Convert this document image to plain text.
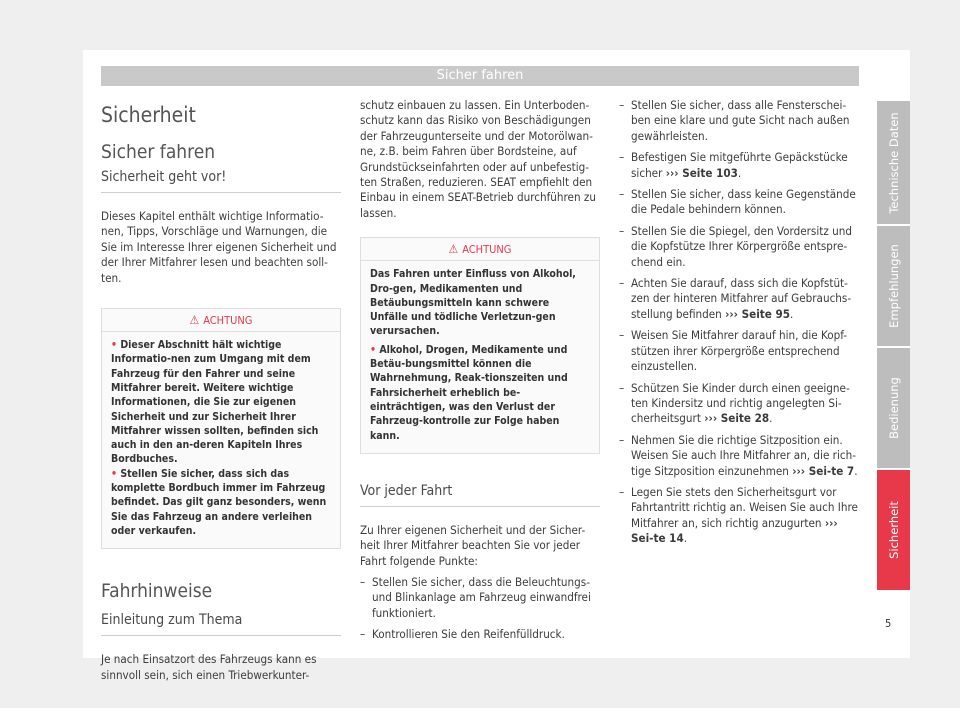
Sicher fahren
Sicherheit
Sicher fahren
Sicherheit geht vor!

Dieses Kapitel enthält wichtige Informatio-nen, Tipps, Vorschläge und Warnungen, die Sie im Interesse Ihrer eigenen Sicherheit und der Ihrer Mitfahrer lesen und beachten soll-ten.

⚠ ACHTUNG
• Dieser Abschnitt hält wichtige Informatio-nen zum Umgang mit dem Fahrzeug für den Fahrer und seine Mitfahrer bereit. Weitere wichtige Informationen, die Sie zur eigenen Sicherheit und zur Sicherheit Ihrer Mitfahrer wissen sollten, befinden sich auch in den an-deren Kapiteln Ihres Bordbuches.
• Stellen Sie sicher, dass sich das komplette Bordbuch immer im Fahrzeug befindet. Das gilt ganz besonders, wenn Sie das Fahrzeug an andere verleihen oder verkaufen.
Fahrhinweise
Einleitung zum Thema

Je nach Einsatzort des Fahrzeugs kann es sinnvoll sein, sich einen Triebwerkunter-

schutz einbauen zu lassen. Ein Unterboden-schutz kann das Risiko von Beschädigungen der Fahrzeugunterseite und der Motorölwan-ne, z.B. beim Fahren über Bordsteine, auf Grundstückseinfahrten oder auf unbefestig-ten Straßen, reduzieren. SEAT empfiehlt den Einbau in einem SEAT-Betrieb durchführen zu lassen.

⚠ ACHTUNG
Das Fahren unter Einfluss von Alkohol, Dro-gen, Medikamenten und Betäubungsmitteln kann schwere Unfälle und tödliche Verletzun-gen verursachen.
• Alkohol, Drogen, Medikamente und Betäu-bungsmittel können die Wahrnehmung, Reak-tionszeiten und Fahrsicherheit erheblich be-einträchtigen, was den Verlust der Fahrzeug-kontrolle zur Folge haben kann.
Vor jeder Fahrt

Zu Ihrer eigenen Sicherheit und der Sicher-heit Ihrer Mitfahrer beachten Sie vor jeder Fahrt folgende Punkte:

– Stellen Sie sicher, dass die Beleuchtungs-und Blinkanlage am Fahrzeug einwandfrei funktioniert.
– Kontrollieren Sie den Reifenfülldruck.
– Stellen Sie sicher, dass alle Fensterschei-ben eine klare und gute Sicht nach außen gewährleisten.
– Befestigen Sie mitgeführte Gepäckstücke sicher ››› Seite 103.
– Stellen Sie sicher, dass keine Gegenstände die Pedale behindern können.
– Stellen Sie die Spiegel, den Vordersitz und die Kopfstütze Ihrer Körpergröße entspre-chend ein.
– Achten Sie darauf, dass sich die Kopfstüt-zen der hinteren Mitfahrer auf Gebrauchs-stellung befinden ››› Seite 95.
– Weisen Sie Mitfahrer darauf hin, die Kopf-stützen ihrer Körpergröße entsprechend einzustellen.
– Schützen Sie Kinder durch einen geeigne-ten Kindersitz und richtig angelegten Si-cherheitsgurt ››› Seite 28.
– Nehmen Sie die richtige Sitzposition ein. Weisen Sie auch Ihre Mitfahrer an, die rich-tige Sitzposition einzunehmen ››› Sei-te 7.
– Legen Sie stets den Sicherheitsgurt vor Fahrtantritt richtig an. Weisen Sie auch Ihre Mitfahrer an, sich richtig anzugurten ››› Sei-te 14.
Technische Daten
Empfehlungen
Bedienung
Sicherheit
5
